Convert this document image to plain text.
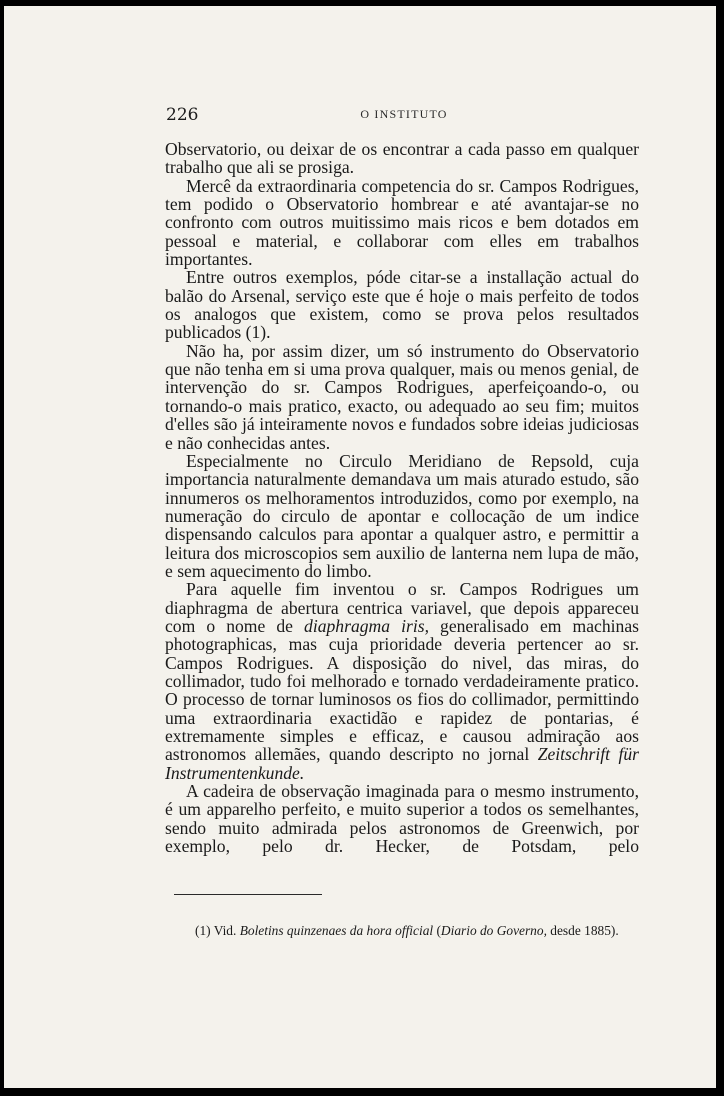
226	O INSTITUTO

Observatorio, ou deixar de os encontrar a cada passo em qualquer trabalho que ali se prosiga.

Mercê da extraordinaria competencia do sr. Campos Rodrigues, tem podido o Observatorio hombrear e até avantajar-se no confronto com outros muitissimo mais ricos e bem dotados em pessoal e material, e collaborar com elles em trabalhos importantes.

Entre outros exemplos, póde citar-se a installação actual do balão do Arsenal, serviço este que é hoje o mais perfeito de todos os analogos que existem, como se prova pelos resultados publicados (1).

Não ha, por assim dizer, um só instrumento do Observatorio que não tenha em si uma prova qualquer, mais ou menos genial, de intervenção do sr. Campos Rodrigues, aperfeiçoando-o, ou tornando-o mais pratico, exacto, ou adequado ao seu fim; muitos d'elles são já inteiramente novos e fundados sobre ideias judiciosas e não conhecidas antes.

Especialmente no Circulo Meridiano de Repsold, cuja importancia naturalmente demandava um mais aturado estudo, são innumeros os melhoramentos introduzidos, como por exemplo, na numeração do circulo de apontar e collocação de um indice dispensando calculos para apontar a qualquer astro, e permittir a leitura dos microscopios sem auxilio de lanterna nem lupa de mão, e sem aquecimento do limbo.

Para aquelle fim inventou o sr. Campos Rodrigues um diaphragma de abertura centrica variavel, que depois appareceu com o nome de diaphragma iris, generalisado em machinas photographicas, mas cuja prioridade deveria pertencer ao sr. Campos Rodrigues. A disposição do nivel, das miras, do collimador, tudo foi melhorado e tornado verdadeiramente pratico. O processo de tornar luminosos os fios do collimador, permittindo uma extraordinaria exactidão e rapidez de pontarias, é extremamente simples e efficaz, e causou admiração aos astronomos allemães, quando descripto no jornal Zeitschrift für Instrumentenkunde.

A cadeira de observação imaginada para o mesmo instrumento, é um apparelho perfeito, e muito superior a todos os semelhantes, sendo muito admirada pelos astronomos de Greenwich, por exemplo, pelo dr. Hecker, de Potsdam, pelo

(1) Vid. Boletins quinzenaes da hora official (Diario do Governo, desde 1885).
